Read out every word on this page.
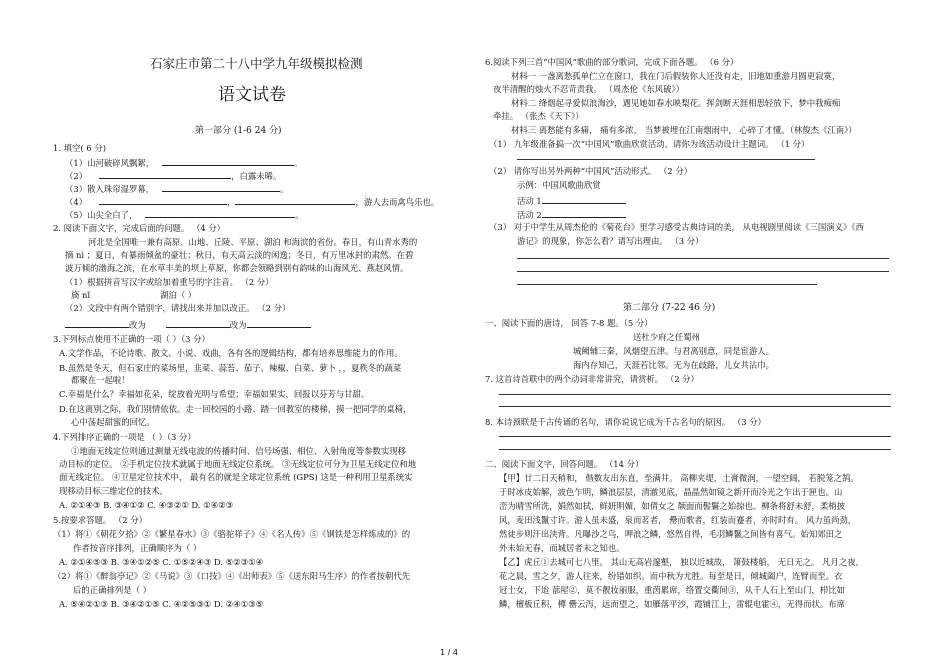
石家庄市第二十八中学九年级模拟检测
语文试卷
第一部分 (1-6 24 分)
1. 填空( 6 分)
（1）山河破碎风飘絮，	。
（2）	，白露未晞。
（3）散入珠帘湿罗幕，	。
（4）	，	，游人去而禽鸟乐也。
（5）山尖全白了，	。
2. 阅读下面文字，完成后面的问题。 （4 分）
河北是全国唯一兼有高原、山地、丘陵、平原、湖泊 和海滨的省份。春日，有山青水秀的
摘 nì ；夏日，有暴雨倾盆的豪壮；秋日，有天高云淡的闲逸；冬日，有万里冰封的肃然。在碧
波万倾的渤海之滨，在水草丰美的坝上草原，你都会领略到别有韵味的山海风光、燕赵风情。
（1）根据拼音写汉字或给加着重号的字注音。 （2 分）
旖 nǐ	湖泊（ ）
（2）文段中有两个错别字，请找出来并加以改正。 （2 分）
改为	改为
3.下列标点使用不正确的一项（ ）（3 分）
A.文学作品，不论诗歌、散文、小说、戏曲，各有各的逻辑结构，都有培养思维能力的作用。
B.虽然是冬天，但石家庄的菜场里，韭菜、蒜苔、茄子、辣椒、白菜、萝卜 ，，夏秩冬的蔬菜
都聚在一起啦！
C.幸福是什么？幸福如花朵，绽放着光明与希望；幸福如果实，回报以芬芳与甘甜。
D.在这离别之际，我们别情依依。走一回校园的小路、踏一回教室的楼梯，摸一把同学的桌椅，
心中荡起甜蜜的回忆。
4.下列排序正确的一项是 （ ）（3 分）
①地面无线定位则通过测量无线电波的传播时间、信号场强、相位、入射角度等参数实现移
动目标的定位。 ②手机定位技术就属于地面无线定位系统。 ③无线定位可分为卫星无线定位和地
面无线定位。 ④卫星定位技术中， 最有名的就是全球定位系统 (GPS) 这是一种利用卫星系统实
现移动目标三维定位的技术。
A. ②①④③ B. ③④①② C. ④③②① D. ①④②③
5.按要求答题。 （2 分）
（1）将①《朝花夕拾》②《繁星春水》③《骆驼祥子》④《名人传》⑤《钢铁是怎样炼成的》的
作者按音序排列，正确顺序为（ ）
A. ②①④⑤③ B. ③④①②⑤ C. ①⑤②④③ D. ⑤②③①④
（2）将①《醉翁亭记》②《马说》③《口技》④《出师表》⑤《送东阳马生序》的作者按朝代先
后的正确排列是（ ）
A. ⑤④②①③ B. ③④②①⑤ C. ④②⑤③① D. ②④①③⑤
6.阅读下列三首“中国风”歌曲的部分歌词，完成下面各题。 （6 分）
材料一 一盏离愁孤单伫立在窗口，我在门后假装你人还没有走，旧地如重游月圆更寂寞，
夜半清醒的烛火不忍苛责我。 （周杰伦《东风破》）
材料二 绛烟起寻爱似浪淘沙，遇见她如春水映梨花。挥剑断天涯相思轻放下，梦中我痴痴
牵挂。 （张杰《天下》）
材料三 离愁能有多痛， 痛有多浓， 当梦被埋在江南烟雨中， 心碎了才懂。（林俊杰《江南》）
（1） 九年级准备搞一次“中国风”歌曲欣赏活动。请你为该活动设计主题词。 （1 分）
（2） 请你写出另外两种“中国风”活动形式。 （2 分）
示例：中国风歌曲欣赏
活动 1
活动 2
（3） 对于中学生从周杰伦的《菊花台》里学习感受古典诗词的美， 从电视剧里阅读《三国演义》《西
游记》的现象，你怎么看？请写出理由。 （3 分）
第二部分 (7-22 46 分)
一、阅读下面的唐诗， 回答 7-8 题。（5 分）
送杜少府之任蜀州
城阙辅三秦，风烟望五津。与君离别意，同是宦游人。
海内存知己，天涯若比邻。无为在歧路，儿女共沾巾。
7. 这首诗首联中的两个动词非常讲究，请赏析。 （2 分）
8. 本诗颈联是千古传诵的名句，请你说说它成为千古名句的原因。 （3 分）
二、阅读下面文字，回答问题。 （14 分）
【甲】廿二日天稍和， 偕数友出东直，至满井。 高柳夹堤，土膏微润，一望空阔， 若脱笼之鹄。
于时冰皮始解，波色乍明，鳞浪层层，清澈见底，晶晶然如镜之新开而冷光之乍出于匣也。山
峦为晴雪所洗，娟然如拭，鲜妍明媚，如倩女之 颒面而髻鬟之始掠也。柳条将舒未舒，柔梢披
风，麦田浅鬣寸许。游人虽未盛，泉而茗者， 罍而歌者，红装而蹇者，亦时时有。 风力虽尚劲，
然徒步则汗出浃背。凡曝沙之鸟，呷浪之鳞，悠然自得，毛羽鳞鬣之间皆有喜气。始知郊田之
外未始无春，而城居者未之知也。
【乙】虎丘①去城可七八里。 其山无高岩邃壑， 独以近城故， 箫鼓楼船， 无日无之。 凡月之夜，
花之晨，雪之夕，游人往来，纷错如织。而中秋为尤胜。每至是日，倾城阖户，连臂而至。衣
冠士女，下迨 蔀屋②，莫不靓妆丽服，重茵累席，络置交衢间③，从千人石上至山门，栉比如
鳞，檀板丘积，樽 罍云泻，远而望之，如雁落平沙，霞铺江上，雷辊电霍④，无得而状。布席
1 / 4
